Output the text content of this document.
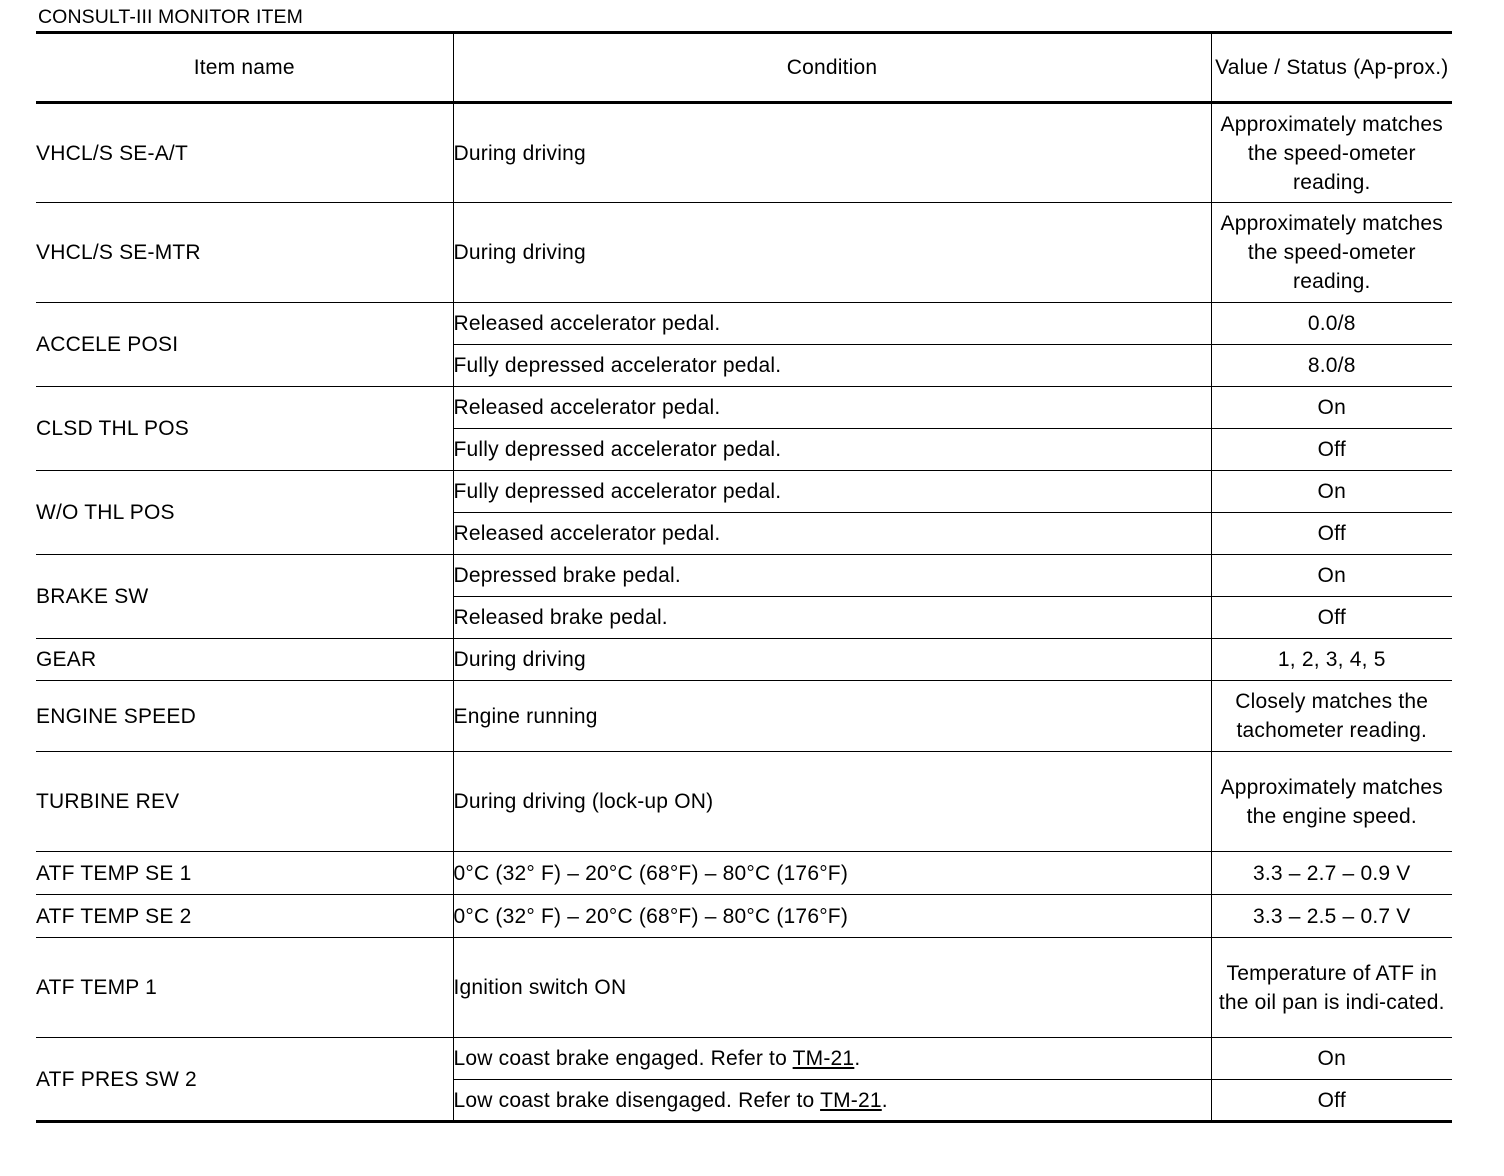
CONSULT-III MONITOR ITEM
Item name	Condition	Value / Status (Ap-prox.)
VHCL/S SE-A/T	During driving	Approximately matches the speed-ometer reading.
VHCL/S SE-MTR	During driving	Approximately matches the speed-ometer reading.
ACCELE POSI	Released accelerator pedal.	0.0/8
	Fully depressed accelerator pedal.	8.0/8
CLSD THL POS	Released accelerator pedal.	On
	Fully depressed accelerator pedal.	Off
W/O THL POS	Fully depressed accelerator pedal.	On
	Released accelerator pedal.	Off
BRAKE SW	Depressed brake pedal.	On
	Released brake pedal.	Off
GEAR	During driving	1, 2, 3, 4, 5
ENGINE SPEED	Engine running	Closely matches the tachometer reading.
TURBINE REV	During driving (lock-up ON)	Approximately matches the engine speed.
ATF TEMP SE 1	0°C (32° F) – 20°C (68°F) – 80°C (176°F)	3.3 – 2.7 – 0.9 V
ATF TEMP SE 2	0°C (32° F) – 20°C (68°F) – 80°C (176°F)	3.3 – 2.5 – 0.7 V
ATF TEMP 1	Ignition switch ON	Temperature of ATF in the oil pan is indi-cated.
ATF PRES SW 2	Low coast brake engaged. Refer to TM-21.	On
	Low coast brake disengaged. Refer to TM-21.	Off
